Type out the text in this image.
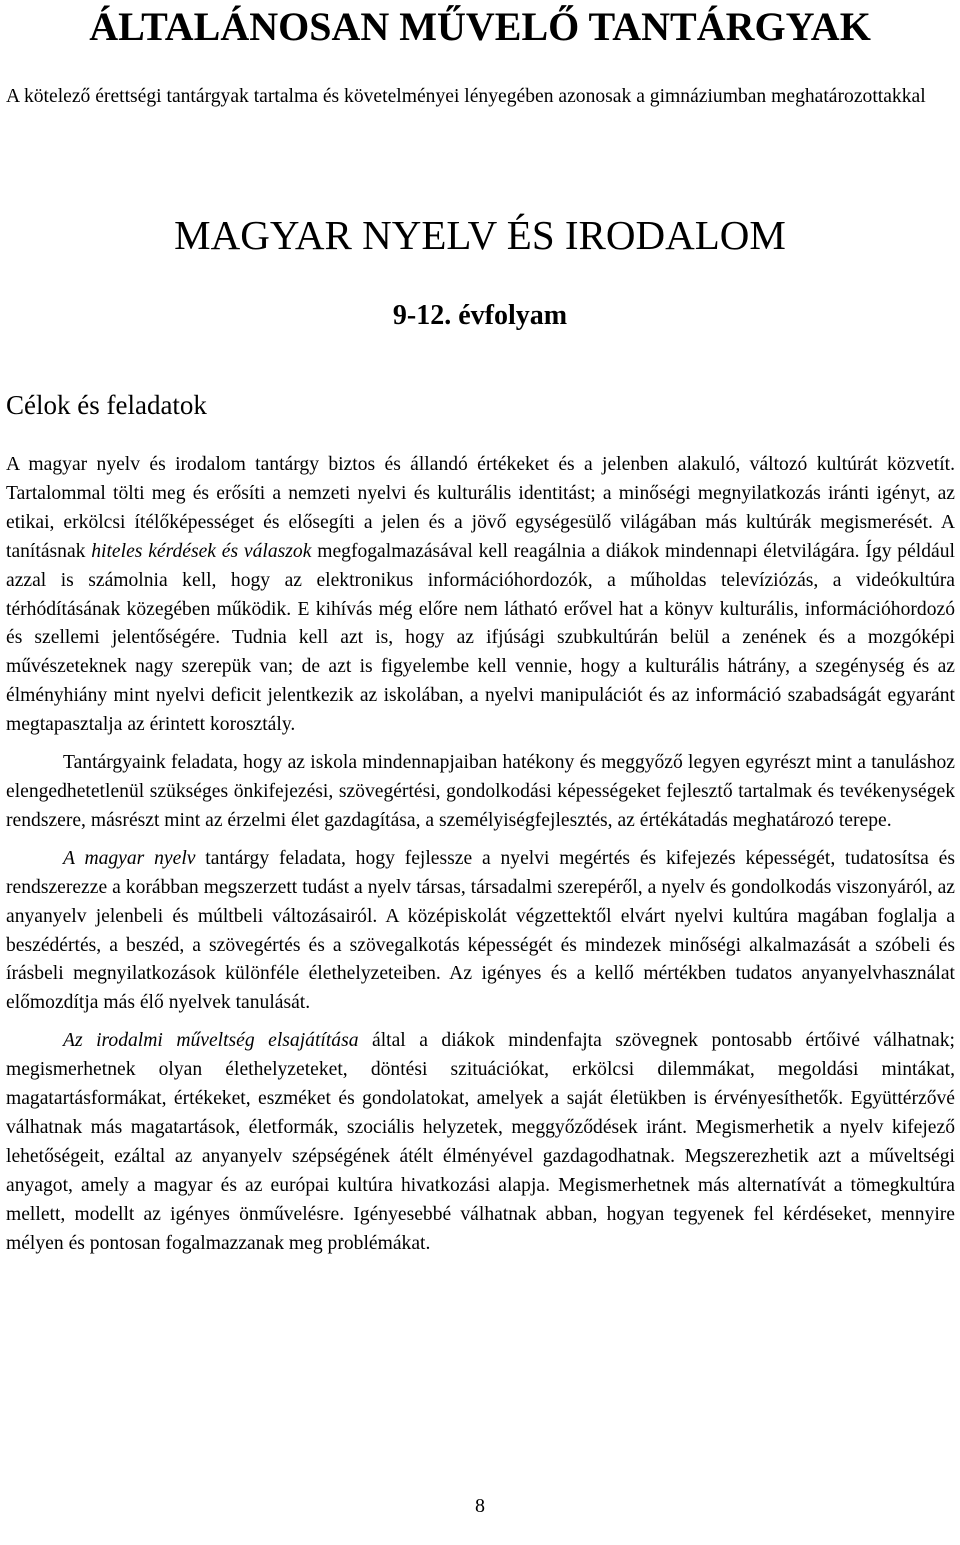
ÁLTALÁNOSAN MŰVELŐ TANTÁRGYAK

A kötelező érettségi tantárgyak tartalma és követelményei lényegében azonosak a gimnáziumban meghatározottakkal

MAGYAR NYELV ÉS IRODALOM
9-12. évfolyam
Célok és feladatok

A magyar nyelv és irodalom tantárgy biztos és állandó értékeket és a jelenben alakuló, változó kultúrát közvetít. Tartalommal tölti meg és erősíti a nemzeti nyelvi és kulturális identitást; a minőségi megnyilatkozás iránti igényt, az etikai, erkölcsi ítélőképességet és elősegíti a jelen és a jövő egységesülő világában más kultúrák megismerését. A tanításnak hiteles kérdések és válaszok megfogalmazásával kell reagálnia a diákok mindennapi életvilágára. Így például azzal is számolnia kell, hogy az elektronikus információhordozók, a műholdas televíziózás, a videókultúra térhódításának közegében működik. E kihívás még előre nem látható erővel hat a könyv kulturális, információhordozó és szellemi jelentőségére. Tudnia kell azt is, hogy az ifjúsági szubkultúrán belül a zenének és a mozgóképi művészeteknek nagy szerepük van; de azt is figyelembe kell vennie, hogy a kulturális hátrány, a szegénység és az élményhiány mint nyelvi deficit jelentkezik az iskolában, a nyelvi manipulációt és az információ szabadságát egyaránt megtapasztalja az érintett korosztály.

Tantárgyaink feladata, hogy az iskola mindennapjaiban hatékony és meggyőző legyen egyrészt mint a tanuláshoz elengedhetetlenül szükséges önkifejezési, szövegértési, gondolkodási képességeket fejlesztő tartalmak és tevékenységek rendszere, másrészt mint az érzelmi élet gazdagítása, a személyiségfejlesztés, az értékátadás meghatározó terepe.

A magyar nyelv tantárgy feladata, hogy fejlessze a nyelvi megértés és kifejezés képességét, tudatosítsa és rendszerezze a korábban megszerzett tudást a nyelv társas, társadalmi szerepéről, a nyelv és gondolkodás viszonyáról, az anyanyelv jelenbeli és múltbeli változásairól. A középiskolát végzettektől elvárt nyelvi kultúra magában foglalja a beszédértés, a beszéd, a szövegértés és a szövegalkotás képességét és mindezek minőségi alkalmazását a szóbeli és írásbeli megnyilatkozások különféle élethelyzeteiben. Az igényes és a kellő mértékben tudatos anyanyelvhasználat előmozdítja más élő nyelvek tanulását.

Az irodalmi műveltség elsajátítása által a diákok mindenfajta szövegnek pontosabb értőivé válhatnak; megismerhetnek olyan élethelyzeteket, döntési szituációkat, erkölcsi dilemmákat, megoldási mintákat, magatartásformákat, értékeket, eszméket és gondolatokat, amelyek a saját életükben is érvényesíthetők. Együttérzővé válhatnak más magatartások, életformák, szociális helyzetek, meggyőződések iránt. Megismerhetik a nyelv kifejező lehetőségeit, ezáltal az anyanyelv szépségének átélt élményével gazdagodhatnak. Megszerezhetik azt a műveltségi anyagot, amely a magyar és az európai kultúra hivatkozási alapja. Megismerhetnek más alternatívát a tömegkultúra mellett, modellt az igényes önművelésre. Igényesebbé válhatnak abban, hogyan tegyenek fel kérdéseket, mennyire mélyen és pontosan fogalmazzanak meg problémákat.

8
